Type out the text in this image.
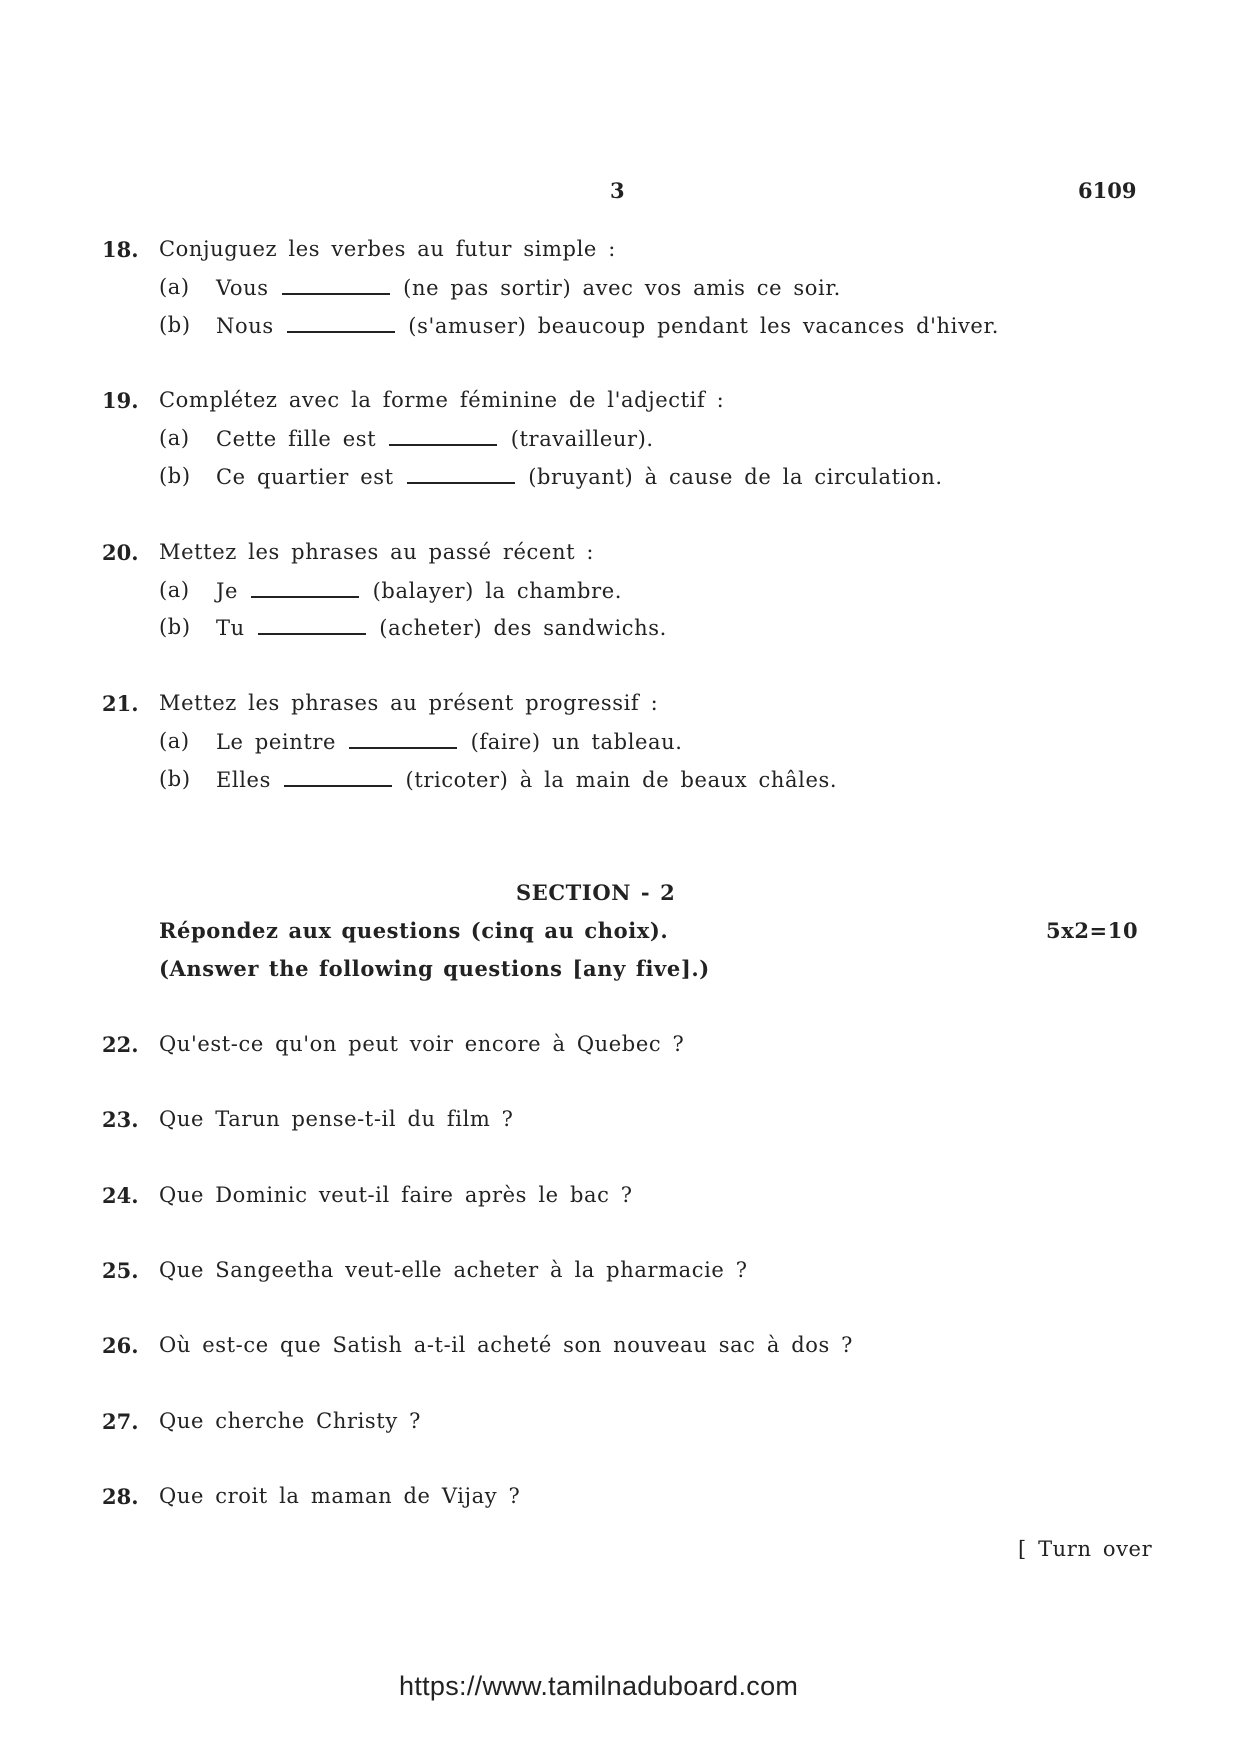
3	6109
18. Conjuguez les verbes au futur simple :
(a) Vous	(ne pas sortir) avec vos amis ce soir.
(b) Nous	(s'amuser) beaucoup pendant les vacances d'hiver.
19. Complétez avec la forme féminine de l'adjectif :
(a) Cette fille est	(travailleur).
(b) Ce quartier est	(bruyant) à cause de la circulation.
20. Mettez les phrases au passé récent :
(a) Je	(balayer) la chambre.
(b) Tu	(acheter) des sandwichs.
21. Mettez les phrases au présent progressif :
(a) Le peintre	(faire) un tableau.
(b) Elles	(tricoter) à la main de beaux châles.
SECTION - 2
Répondez aux questions (cinq au choix).	5x2=10
(Answer the following questions [any five].)
22. Qu'est-ce qu'on peut voir encore à Quebec ?
23. Que Tarun pense-t-il du film ?
24. Que Dominic veut-il faire après le bac ?
25. Que Sangeetha veut-elle acheter à la pharmacie ?
26. Où est-ce que Satish a-t-il acheté son nouveau sac à dos ?
27. Que cherche Christy ?
28. Que croit la maman de Vijay ?
[ Turn over
https://www.tamilnaduboard.com
